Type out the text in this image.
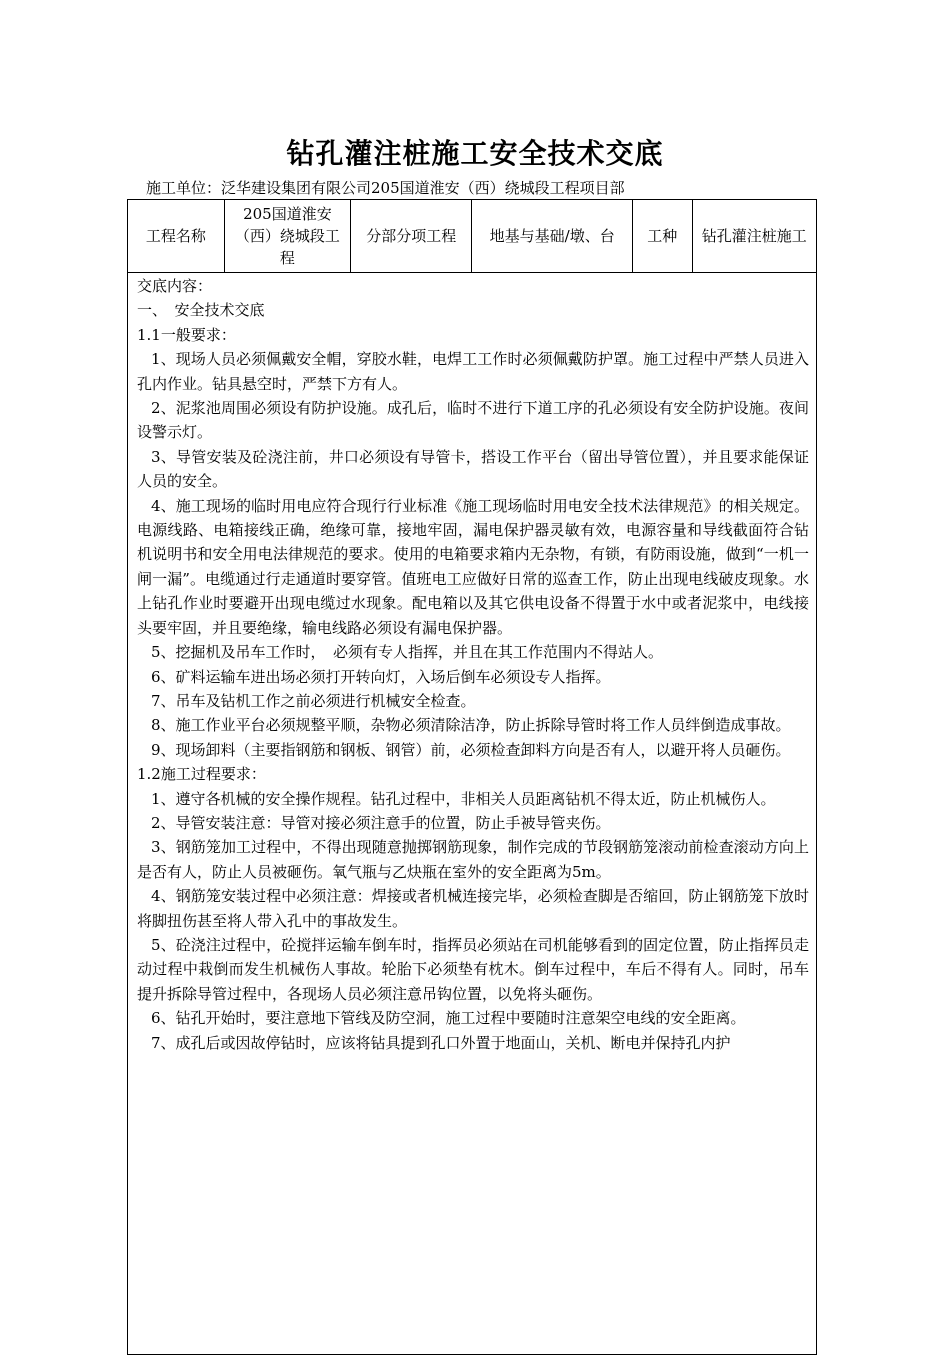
钻孔灌注桩施工安全技术交底
施工单位：泛华建设集团有限公司205国道淮安（西）绕城段工程项目部
工程名称	205国道淮安（西）绕城段工程	分部分项工程	地基与基础/墩、台	工种	钻孔灌注桩施工

交底内容：

一、　安全技术交底

1.1一般要求：

1、现场人员必须佩戴安全帽，穿胶水鞋，电焊工工作时必须佩戴防护罩。施工过程中严禁人员进入孔内作业。钻具悬空时，严禁下方有人。

2、泥浆池周围必须设有防护设施。成孔后，临时不进行下道工序的孔必须设有安全防护设施。夜间设警示灯。

3、导管安装及砼浇注前，井口必须设有导管卡，搭设工作平台（留出导管位置），并且要求能保证人员的安全。

4、施工现场的临时用电应符合现行行业标准《施工现场临时用电安全技术法律规范》的相关规定。电源线路、电箱接线正确，绝缘可靠，接地牢固，漏电保护器灵敏有效，电源容量和导线截面符合钻机说明书和安全用电法律规范的要求。使用的电箱要求箱内无杂物，有锁，有防雨设施，做到“一机一闸一漏”。电缆通过行走通道时要穿管。值班电工应做好日常的巡查工作，防止出现电线破皮现象。水上钻孔作业时要避开出现电缆过水现象。配电箱以及其它供电设备不得置于水中或者泥浆中，电线接头要牢固，并且要绝缘，输电线路必须设有漏电保护器。

5、挖掘机及吊车工作时，　必须有专人指挥，并且在其工作范围内不得站人。

6、矿料运输车进出场必须打开转向灯，入场后倒车必须设专人指挥。

7、吊车及钻机工作之前必须进行机械安全检查。

8、施工作业平台必须规整平顺，杂物必须清除洁净，防止拆除导管时将工作人员绊倒造成事故。

9、现场卸料（主要指钢筋和钢板、钢管）前，必须检查卸料方向是否有人，以避开将人员砸伤。

1.2施工过程要求：

1、遵守各机械的安全操作规程。钻孔过程中，非相关人员距离钻机不得太近，防止机械伤人。

2、导管安装注意：导管对接必须注意手的位置，防止手被导管夹伤。

3、钢筋笼加工过程中，不得出现随意抛掷钢筋现象，制作完成的节段钢筋笼滚动前检查滚动方向上是否有人，防止人员被砸伤。氧气瓶与乙炔瓶在室外的安全距离为5m。

4、钢筋笼安装过程中必须注意：焊接或者机械连接完毕，必须检查脚是否缩回，防止钢筋笼下放时将脚扭伤甚至将人带入孔中的事故发生。

5、砼浇注过程中，砼搅拌运输车倒车时，指挥员必须站在司机能够看到的固定位置，防止指挥员走动过程中栽倒而发生机械伤人事故。轮胎下必须垫有枕木。倒车过程中，车后不得有人。同时，吊车提升拆除导管过程中，各现场人员必须注意吊钩位置，以免将头砸伤。

6、钻孔开始时，要注意地下管线及防空洞，施工过程中要随时注意架空电线的安全距离。

7、成孔后或因故停钻时，应该将钻具提到孔口外置于地面山，关机、断电并保持孔内护
